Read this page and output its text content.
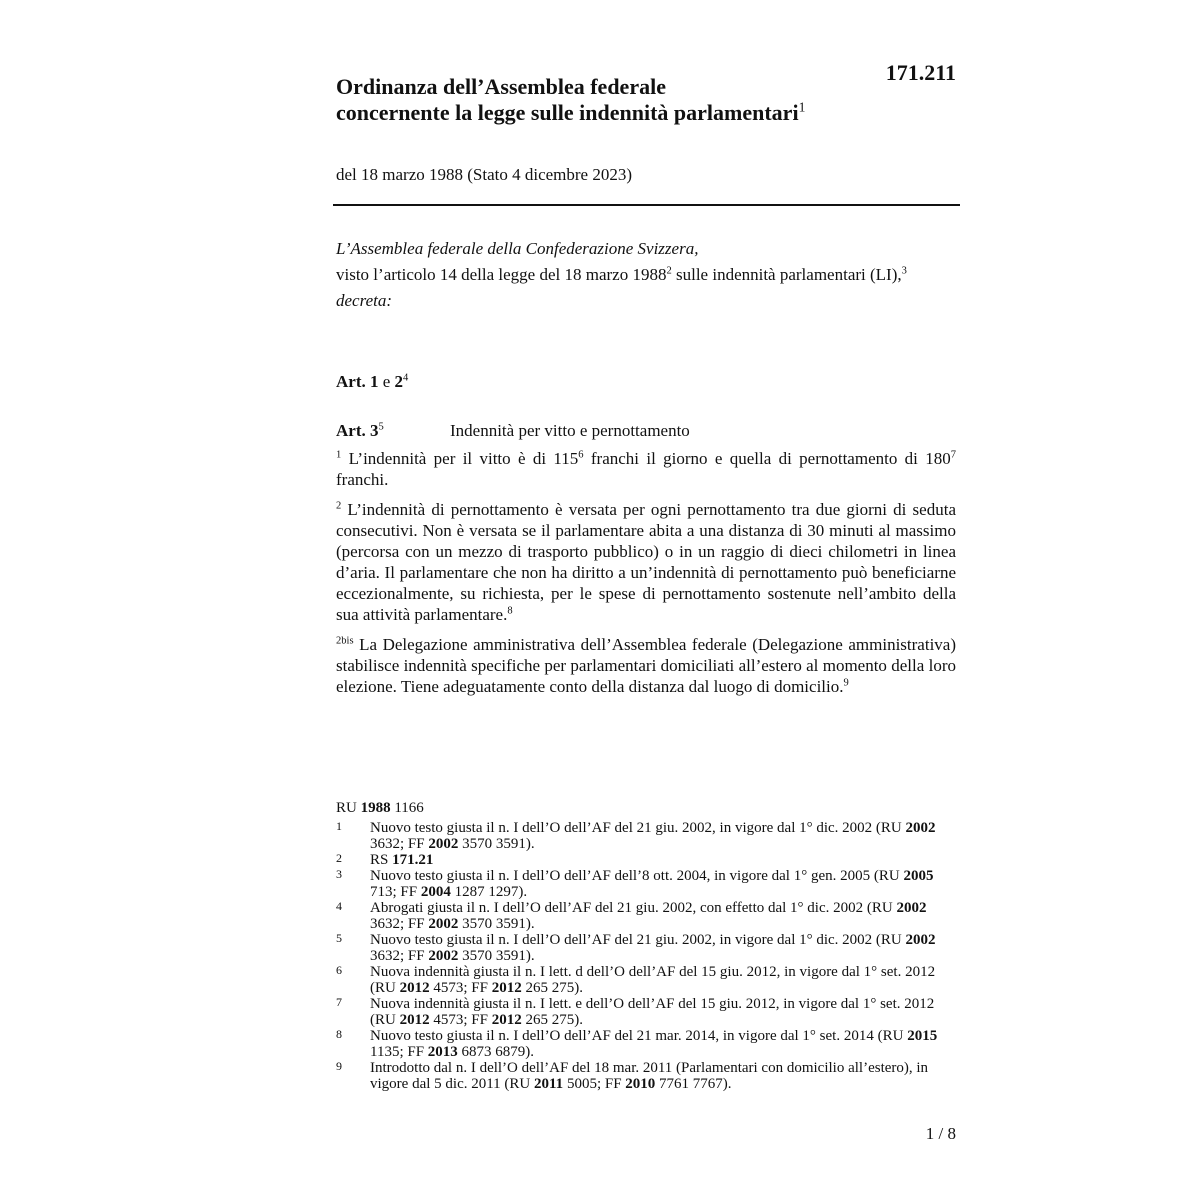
171.211
Ordinanza dell’Assemblea federale
concernente la legge sulle indennità parlamentari$^1$
del 18 marzo 1988 (Stato 4 dicembre 2023)
L’Assemblea federale della Confederazione Svizzera,
visto l’articolo 14 della legge del 18 marzo 1988$^2$ sulle indennità parlamentari (LI),$^3$
decreta:
Art. 1 e $2^4$
Art. $3^5$	Indennità per vitto e pernottamento

$^1$ L’indennità per il vitto è di $115^6$ franchi il giorno e quella di pernottamento di $180^7$ franchi.

$^2$ L’indennità di pernottamento è versata per ogni pernottamento tra due giorni di seduta consecutivi. Non è versata se il parlamentare abita a una distanza di 30 minuti al massimo (percorsa con un mezzo di trasporto pubblico) o in un raggio di dieci chilometri in linea d’aria. Il parlamentare che non ha diritto a un’indennità di pernottamento può beneficiarne eccezionalmente, su richiesta, per le spese di pernottamento sostenute nell’ambito della sua attività parlamentare.$^8$

$^{2bis}$ La Delegazione amministrativa dell’Assemblea federale (Delegazione amministrativa) stabilisce indennità specifiche per parlamentari domiciliati all’estero al momento della loro elezione. Tiene adeguatamente conto della distanza dal luogo di domicilio.$^9$

RU 1988 1166
1 Nuovo testo giusta il n. I dell’O dell’AF del 21 giu. 2002, in vigore dal 1° dic. 2002 (RU 2002 3632; FF 2002 3570 3591).
2 RS 171.21
3 Nuovo testo giusta il n. I dell’O dell’AF dell’8 ott. 2004, in vigore dal 1° gen. 2005 (RU 2005 713; FF 2004 1287 1297).
4 Abrogati giusta il n. I dell’O dell’AF del 21 giu. 2002, con effetto dal 1° dic. 2002 (RU 2002 3632; FF 2002 3570 3591).
5 Nuovo testo giusta il n. I dell’O dell’AF del 21 giu. 2002, in vigore dal 1° dic. 2002 (RU 2002 3632; FF 2002 3570 3591).
6 Nuova indennità giusta il n. I lett. d dell’O dell’AF del 15 giu. 2012, in vigore dal 1° set. 2012 (RU 2012 4573; FF 2012 265 275).
7 Nuova indennità giusta il n. I lett. e dell’O dell’AF del 15 giu. 2012, in vigore dal 1° set. 2012 (RU 2012 4573; FF 2012 265 275).
8 Nuovo testo giusta il n. I dell’O dell’AF del 21 mar. 2014, in vigore dal 1° set. 2014 (RU 2015 1135; FF 2013 6873 6879).
9 Introdotto dal n. I dell’O dell’AF del 18 mar. 2011 (Parlamentari con domicilio all’estero), in vigore dal 5 dic. 2011 (RU 2011 5005; FF 2010 7761 7767).
1 / 8
